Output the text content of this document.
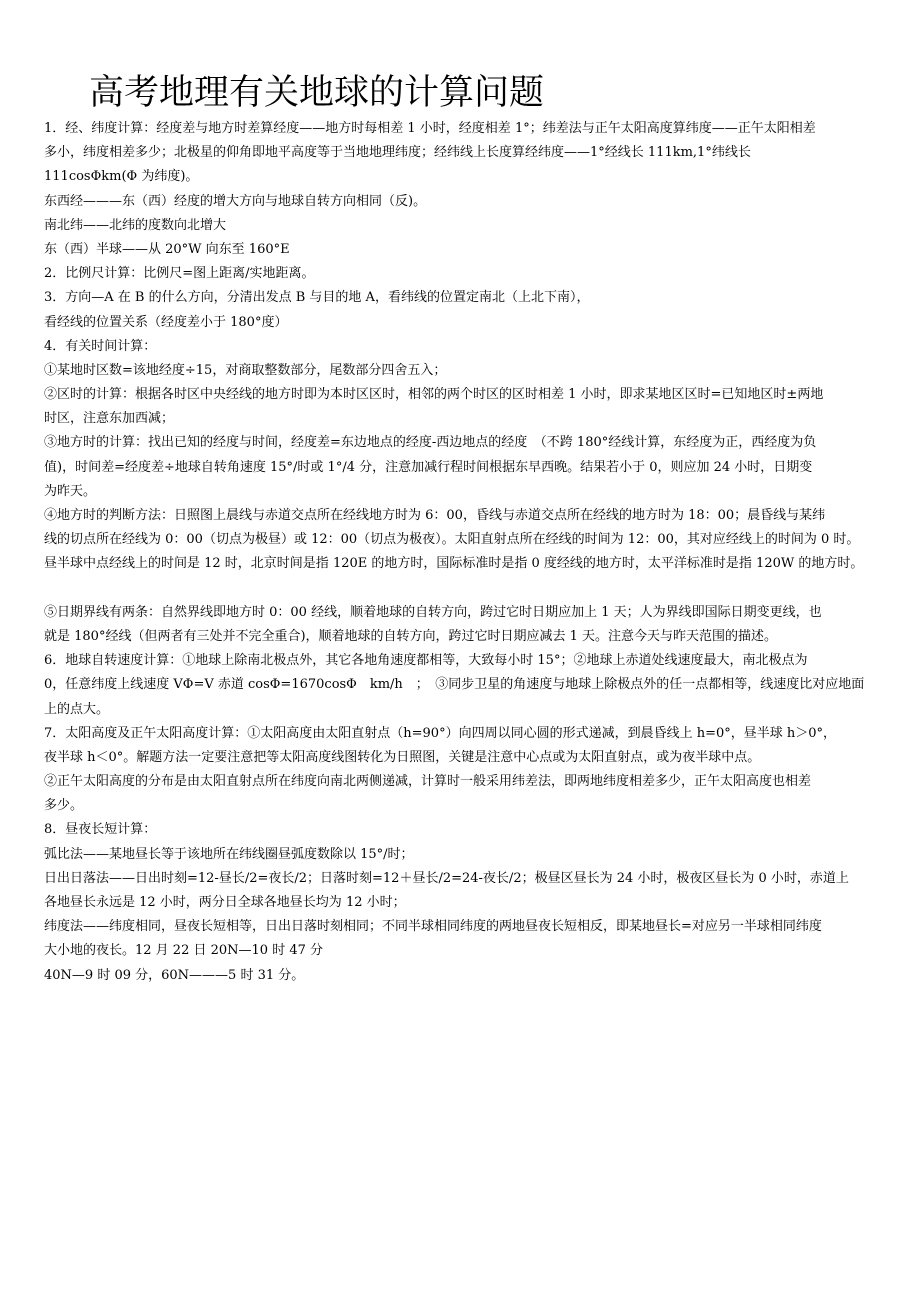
高考地理有关地球的计算问题
1．经、纬度计算：经度差与地方时差算经度——地方时每相差 1 小时，经度相差 1°；纬差法与正午太阳高度算纬度——正午太阳相差
多小，纬度相差多少；北极星的仰角即地平高度等于当地地理纬度；经纬线上长度算经纬度——1°经线长 111km,1°纬线长
111cosΦkm(Φ 为纬度)。
东西经———东（西）经度的增大方向与地球自转方向相同（反)。
南北纬——北纬的度数向北增大
东（西）半球——从 20°W 向东至 160°E
2．比例尺计算：比例尺=图上距离/实地距离。
3．方向—A 在 B 的什么方向，分清出发点 B 与目的地 A，看纬线的位置定南北（上北下南），
看经线的位置关系（经度差小于 180°度）
4．有关时间计算：
①某地时区数=该地经度÷15，对商取整数部分，尾数部分四舍五入；
②区时的计算：根据各时区中央经线的地方时即为本时区区时，相邻的两个时区的区时相差 1 小时，即求某地区区时=已知地区时±两地
时区，注意东加西减；
③地方时的计算：找出已知的经度与时间，经度差=东边地点的经度-西边地点的经度　（不跨 180°经线计算，东经度为正，西经度为负
值)，时间差=经度差÷地球自转角速度 15°/时或 1°/4 分，注意加减行程时间根据东早西晚。结果若小于 0，则应加 24 小时，日期变
为昨天。
④地方时的判断方法：日照图上晨线与赤道交点所在经线地方时为 6：00，昏线与赤道交点所在经线的地方时为 18：00；晨昏线与某纬
线的切点所在经线为 0：00（切点为极昼）或 12：00（切点为极夜）。太阳直射点所在经线的时间为 12：00，其对应经线上的时间为 0 时。
昼半球中点经线上的时间是 12 时，北京时间是指 120E 的地方时，国际标准时是指 0 度经线的地方时，太平洋标准时是指 120W 的地方时。
⑤日期界线有两条：自然界线即地方时 0：00 经线，顺着地球的自转方向，跨过它时日期应加上 1 天；人为界线即国际日期变更线，也
就是 180°经线（但两者有三处并不完全重合)，顺着地球的自转方向，跨过它时日期应减去 1 天。注意今天与昨天范围的描述。
6．地球自转速度计算：①地球上除南北极点外，其它各地角速度都相等，大致每小时 15°；②地球上赤道处线速度最大，南北极点为
0，任意纬度上线速度 VΦ=V 赤道 cosΦ=1670cosΦ　km/h　；　③同步卫星的角速度与地球上除极点外的任一点都相等，线速度比对应地面
上的点大。
7．太阳高度及正午太阳高度计算：①太阳高度由太阳直射点（h=90°）向四周以同心圆的形式递减，到晨昏线上 h=0°，昼半球 h＞0°，
夜半球 h＜0°。解题方法一定要注意把等太阳高度线图转化为日照图，关键是注意中心点或为太阳直射点，或为夜半球中点。
②正午太阳高度的分布是由太阳直射点所在纬度向南北两侧递减，计算时一般采用纬差法，即两地纬度相差多少，正午太阳高度也相差
多少。
8．昼夜长短计算：
弧比法——某地昼长等于该地所在纬线圈昼弧度数除以 15°/时；
日出日落法——日出时刻=12-昼长/2=夜长/2；日落时刻=12＋昼长/2=24-夜长/2；极昼区昼长为 24 小时，极夜区昼长为 0 小时，赤道上
各地昼长永远是 12 小时，两分日全球各地昼长均为 12 小时；
纬度法——纬度相同，昼夜长短相等，日出日落时刻相同；不同半球相同纬度的两地昼夜长短相反，即某地昼长=对应另一半球相同纬度
大小地的夜长。12 月 22 日 20N—10 时 47 分
40N—9 时 09 分，60N———5 时 31 分。
